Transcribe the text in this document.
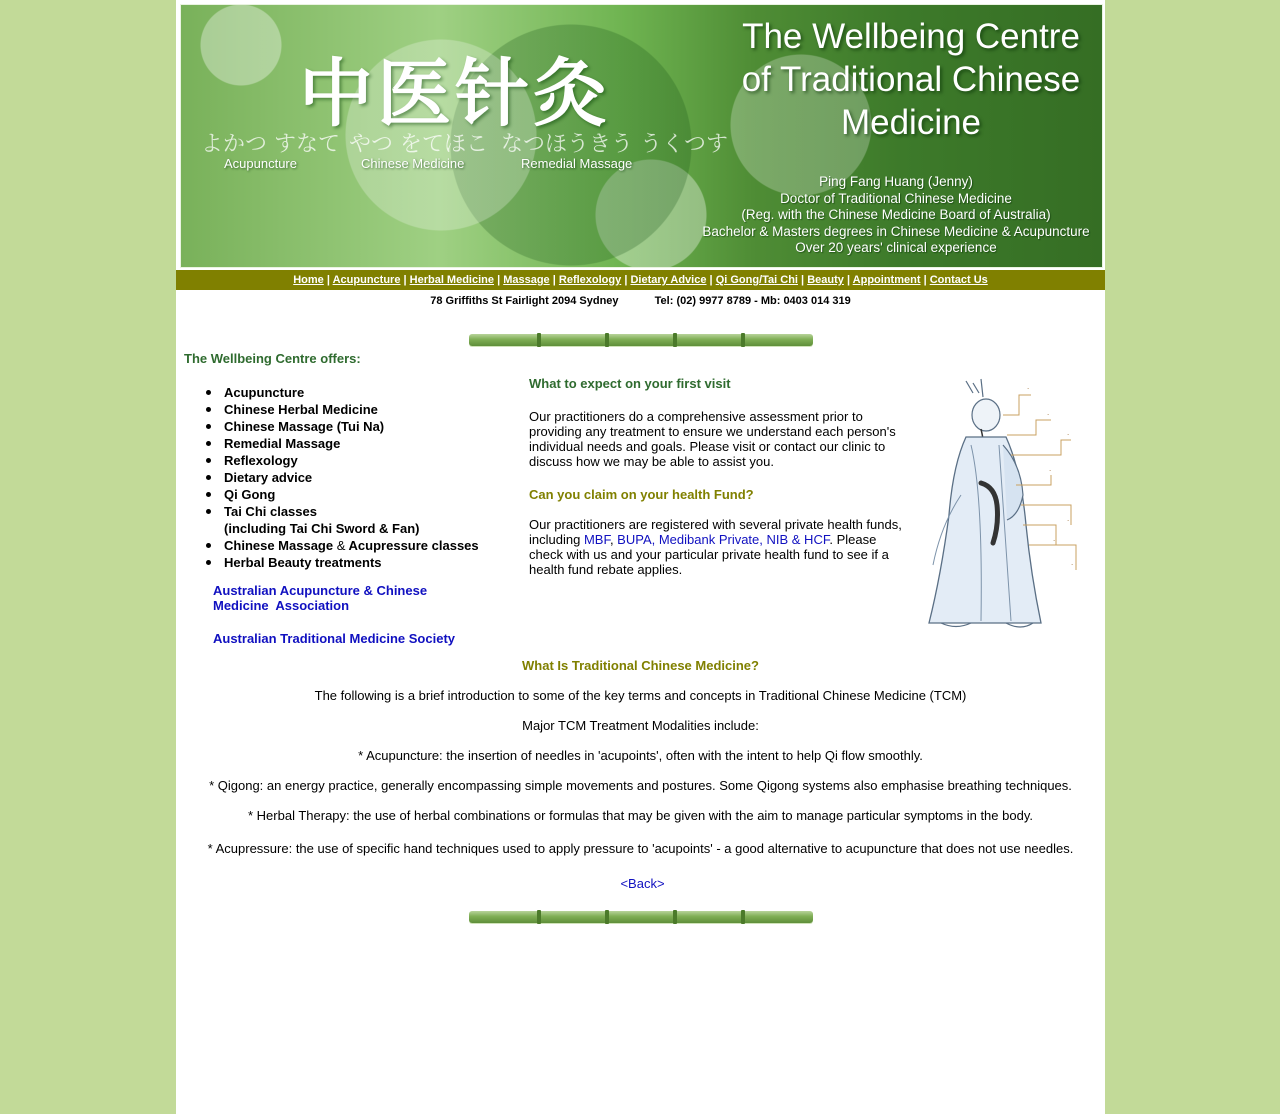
中医针灸
よかつ すなて やつ をてほこ なつほうきう うくつす
Acupuncture	Chinese Medicine	Remedial Massage
The Wellbeing Centre
of Traditional Chinese
Medicine
Ping Fang Huang (Jenny)
Doctor of Traditional Chinese Medicine
(Reg. with the Chinese Medicine Board of Australia)
Bachelor & Masters degrees in Chinese Medicine & Acupuncture
Over 20 years' clinical experience
Home | Acupuncture | Herbal Medicine | Massage | Reflexology | Dietary Advice | Qi Gong/Tai Chi | Beauty | Appointment | Contact Us
78 Griffiths St Fairlight 2094 Sydney	Tel: (02) 9977 8789 - Mb: 0403 014 319
The Wellbeing Centre offers:
Acupuncture
Chinese Herbal Medicine
Chinese Massage (Tui Na)
Remedial Massage
Reflexology
Dietary advice
Qi Gong
Tai Chi classes
(including Tai Chi Sword & Fan)
Chinese Massage & Acupressure classes
Herbal Beauty treatments
Australian Acupuncture & Chinese
Medicine  Association
Australian Traditional Medicine Society
What to expect on your first visit

Our practitioners do a comprehensive assessment prior to providing any treatment to ensure we understand each person's individual needs and goals. Please visit or contact our clinic to discuss how we may be able to assist you.

Can you claim on your health Fund?

Our practitioners are registered with several private health funds, including MBF, BUPA, Medibank Private, NIB & HCF. Please check with us and your particular private health fund to see if a health fund rebate applies.

·
·
·
·
·
·
·
What Is Traditional Chinese Medicine?
The following is a brief introduction to some of the key terms and concepts in Traditional Chinese Medicine (TCM)
Major TCM Treatment Modalities include:
* Acupuncture: the insertion of needles in 'acupoints', often with the intent to help Qi flow smoothly.
* Qigong: an energy practice, generally encompassing simple movements and postures. Some Qigong systems also emphasise breathing techniques.
* Herbal Therapy: the use of herbal combinations or formulas that may be given with the aim to manage particular symptoms in the body.
* Acupressure: the use of specific hand techniques used to apply pressure to 'acupoints' - a good alternative to acupuncture that does not use needles.
<Back>
